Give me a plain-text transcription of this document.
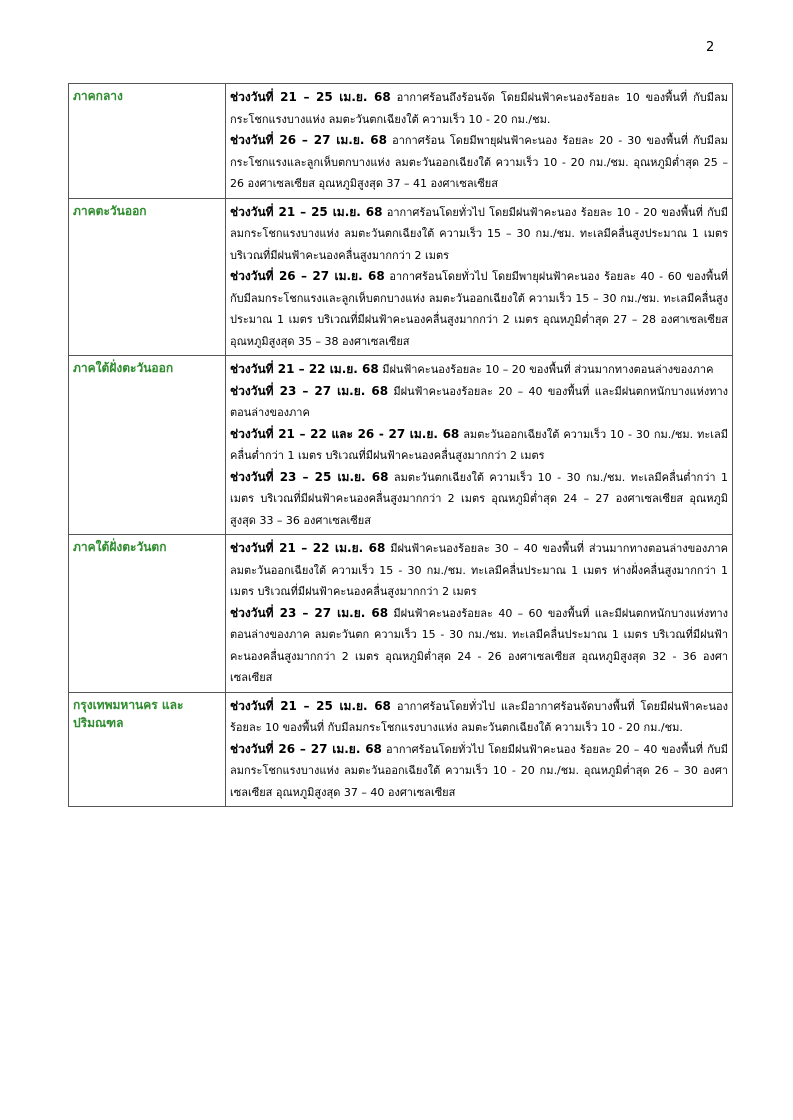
2
ภาคกลาง	ช่วงวันที่ 21 – 25 เม.ย. 68 อากาศร้อนถึงร้อนจัด โดยมีฝนฟ้าคะนองร้อยละ 10 ของพื้นที่ กับมีลมกระโชกแรงบางแห่ง ลมตะวันตกเฉียงใต้ ความเร็ว 10 - 20 กม./ชม.
ช่วงวันที่ 26 – 27 เม.ย. 68 อากาศร้อน โดยมีพายุฝนฟ้าคะนอง ร้อยละ 20 - 30 ของพื้นที่ กับมีลมกระโชกแรงและลูกเห็บตกบางแห่ง ลมตะวันออกเฉียงใต้ ความเร็ว 10 - 20 กม./ชม. อุณหภูมิต่ำสุด 25 – 26 องศาเซลเซียส อุณหภูมิสูงสุด 37 – 41 องศาเซลเซียส

ภาคตะวันออก	ช่วงวันที่ 21 – 25 เม.ย. 68 อากาศร้อนโดยทั่วไป โดยมีฝนฟ้าคะนอง ร้อยละ 10 - 20 ของพื้นที่ กับมีลมกระโชกแรงบางแห่ง ลมตะวันตกเฉียงใต้ ความเร็ว 15 – 30 กม./ชม. ทะเลมีคลื่นสูงประมาณ 1 เมตร บริเวณที่มีฝนฟ้าคะนองคลื่นสูงมากกว่า 2 เมตร
ช่วงวันที่ 26 – 27 เม.ย. 68 อากาศร้อนโดยทั่วไป โดยมีพายุฝนฟ้าคะนอง ร้อยละ 40 - 60 ของพื้นที่ กับมีลมกระโชกแรงและลูกเห็บตกบางแห่ง ลมตะวันออกเฉียงใต้ ความเร็ว 15 – 30 กม./ชม. ทะเลมีคลื่นสูงประมาณ 1 เมตร บริเวณที่มีฝนฟ้าคะนองคลื่นสูงมากกว่า 2 เมตร อุณหภูมิต่ำสุด 27 – 28 องศาเซลเซียส อุณหภูมิสูงสุด 35 – 38 องศาเซลเซียส

ภาคใต้ฝั่งตะวันออก	ช่วงวันที่ 21 – 22 เม.ย. 68 มีฝนฟ้าคะนองร้อยละ 10 – 20 ของพื้นที่ ส่วนมากทางตอนล่างของภาค
ช่วงวันที่ 23 – 27 เม.ย. 68 มีฝนฟ้าคะนองร้อยละ 20 – 40 ของพื้นที่ และมีฝนตกหนักบางแห่งทางตอนล่างของภาค
ช่วงวันที่ 21 – 22 และ 26 - 27 เม.ย. 68 ลมตะวันออกเฉียงใต้ ความเร็ว 10 - 30 กม./ชม. ทะเลมีคลื่นต่ำกว่า 1 เมตร บริเวณที่มีฝนฟ้าคะนองคลื่นสูงมากกว่า 2 เมตร
ช่วงวันที่ 23 – 25 เม.ย. 68 ลมตะวันตกเฉียงใต้ ความเร็ว 10 - 30 กม./ชม. ทะเลมีคลื่นต่ำกว่า 1 เมตร บริเวณที่มีฝนฟ้าคะนองคลื่นสูงมากกว่า 2 เมตร อุณหภูมิต่ำสุด 24 – 27 องศาเซลเซียส อุณหภูมิสูงสุด 33 – 36 องศาเซลเซียส

ภาคใต้ฝั่งตะวันตก	ช่วงวันที่ 21 – 22 เม.ย. 68 มีฝนฟ้าคะนองร้อยละ 30 – 40 ของพื้นที่ ส่วนมากทางตอนล่างของภาค ลมตะวันออกเฉียงใต้ ความเร็ว 15 - 30 กม./ชม. ทะเลมีคลื่นประมาณ 1 เมตร ห่างฝั่งคลื่นสูงมากกว่า 1 เมตร บริเวณที่มีฝนฟ้าคะนองคลื่นสูงมากกว่า 2 เมตร
ช่วงวันที่ 23 – 27 เม.ย. 68 มีฝนฟ้าคะนองร้อยละ 40 – 60 ของพื้นที่ และมีฝนตกหนักบางแห่งทางตอนล่างของภาค ลมตะวันตก ความเร็ว 15 - 30 กม./ชม. ทะเลมีคลื่นประมาณ 1 เมตร บริเวณที่มีฝนฟ้าคะนองคลื่นสูงมากกว่า 2 เมตร อุณหภูมิต่ำสุด 24 - 26 องศาเซลเซียส อุณหภูมิสูงสุด 32 - 36 องศาเซลเซียส

กรุงเทพมหานคร และปริมณฑล	ช่วงวันที่ 21 – 25 เม.ย. 68 อากาศร้อนโดยทั่วไป และมีอากาศร้อนจัดบางพื้นที่ โดยมีฝนฟ้าคะนอง ร้อยละ 10 ของพื้นที่ กับมีลมกระโชกแรงบางแห่ง ลมตะวันตกเฉียงใต้ ความเร็ว 10 - 20 กม./ชม.
ช่วงวันที่ 26 – 27 เม.ย. 68 อากาศร้อนโดยทั่วไป โดยมีฝนฟ้าคะนอง ร้อยละ 20 – 40 ของพื้นที่ กับมีลมกระโชกแรงบางแห่ง ลมตะวันออกเฉียงใต้ ความเร็ว 10 - 20 กม./ชม. อุณหภูมิต่ำสุด 26 – 30 องศาเซลเซียส อุณหภูมิสูงสุด 37 – 40 องศาเซลเซียส
